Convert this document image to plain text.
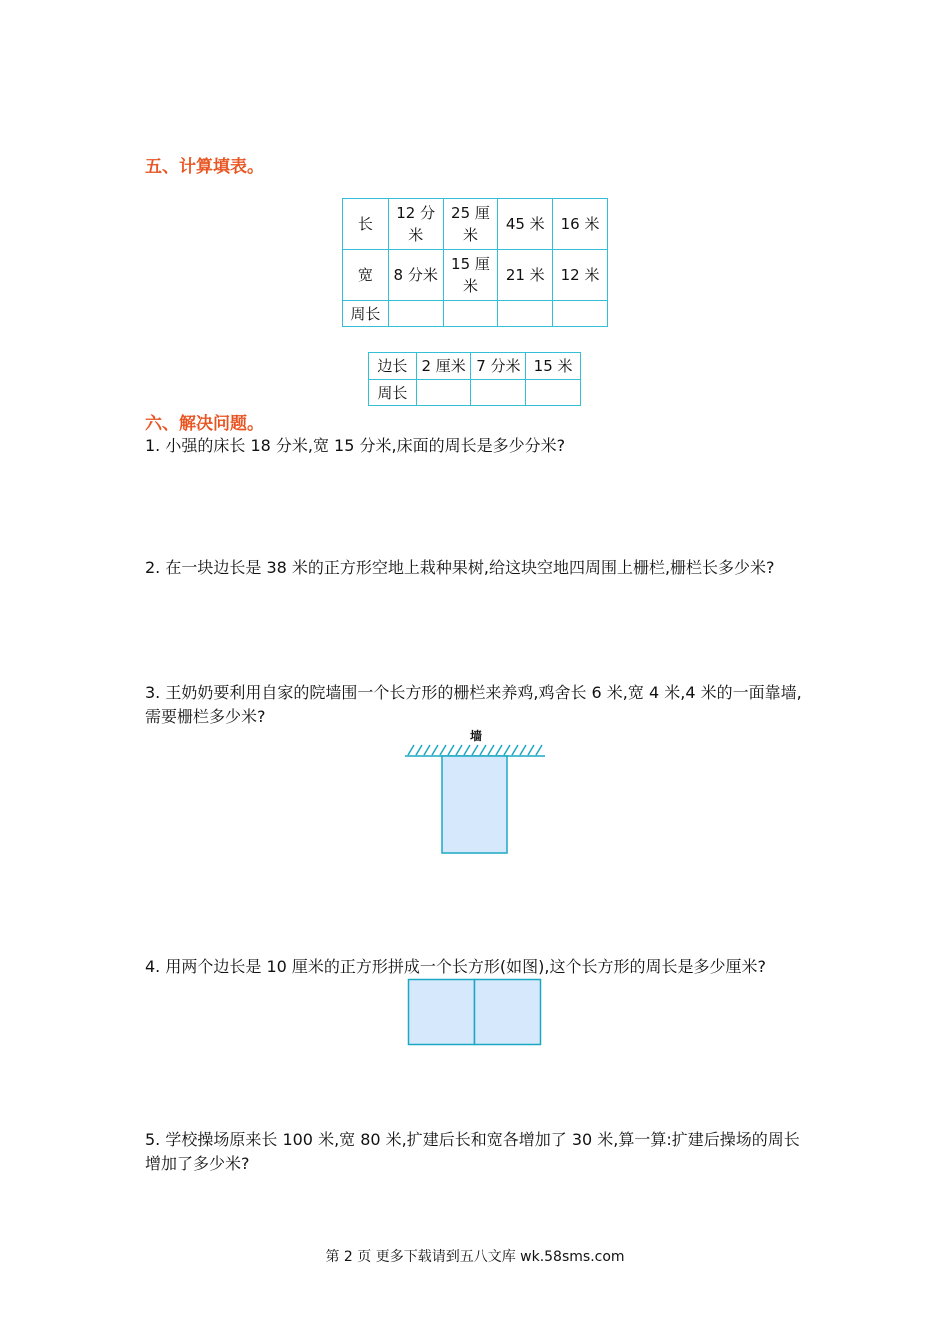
五、计算填表。
长	12 分米	25 厘米	45 米	16 米
宽	8 分米	15 厘米	21 米	12 米
周长				
边长	2 厘米	7 分米	15 米
周长			
六、解决问题。
1. 小强的床长 18 分米,宽 15 分米,床面的周长是多少分米?
2. 在一块边长是 38 米的正方形空地上栽种果树,给这块空地四周围上栅栏,栅栏长多少米?
3. 王奶奶要利用自家的院墙围一个长方形的栅栏来养鸡,鸡舍长 6 米,宽 4 米,4 米的一面靠墙,需要栅栏多少米?
墙
4. 用两个边长是 10 厘米的正方形拼成一个长方形(如图),这个长方形的周长是多少厘米?
5. 学校操场原来长 100 米,宽 80 米,扩建后长和宽各增加了 30 米,算一算:扩建后操场的周长增加了多少米?
第 2 页 更多下载请到五八文库 wk.58sms.com
